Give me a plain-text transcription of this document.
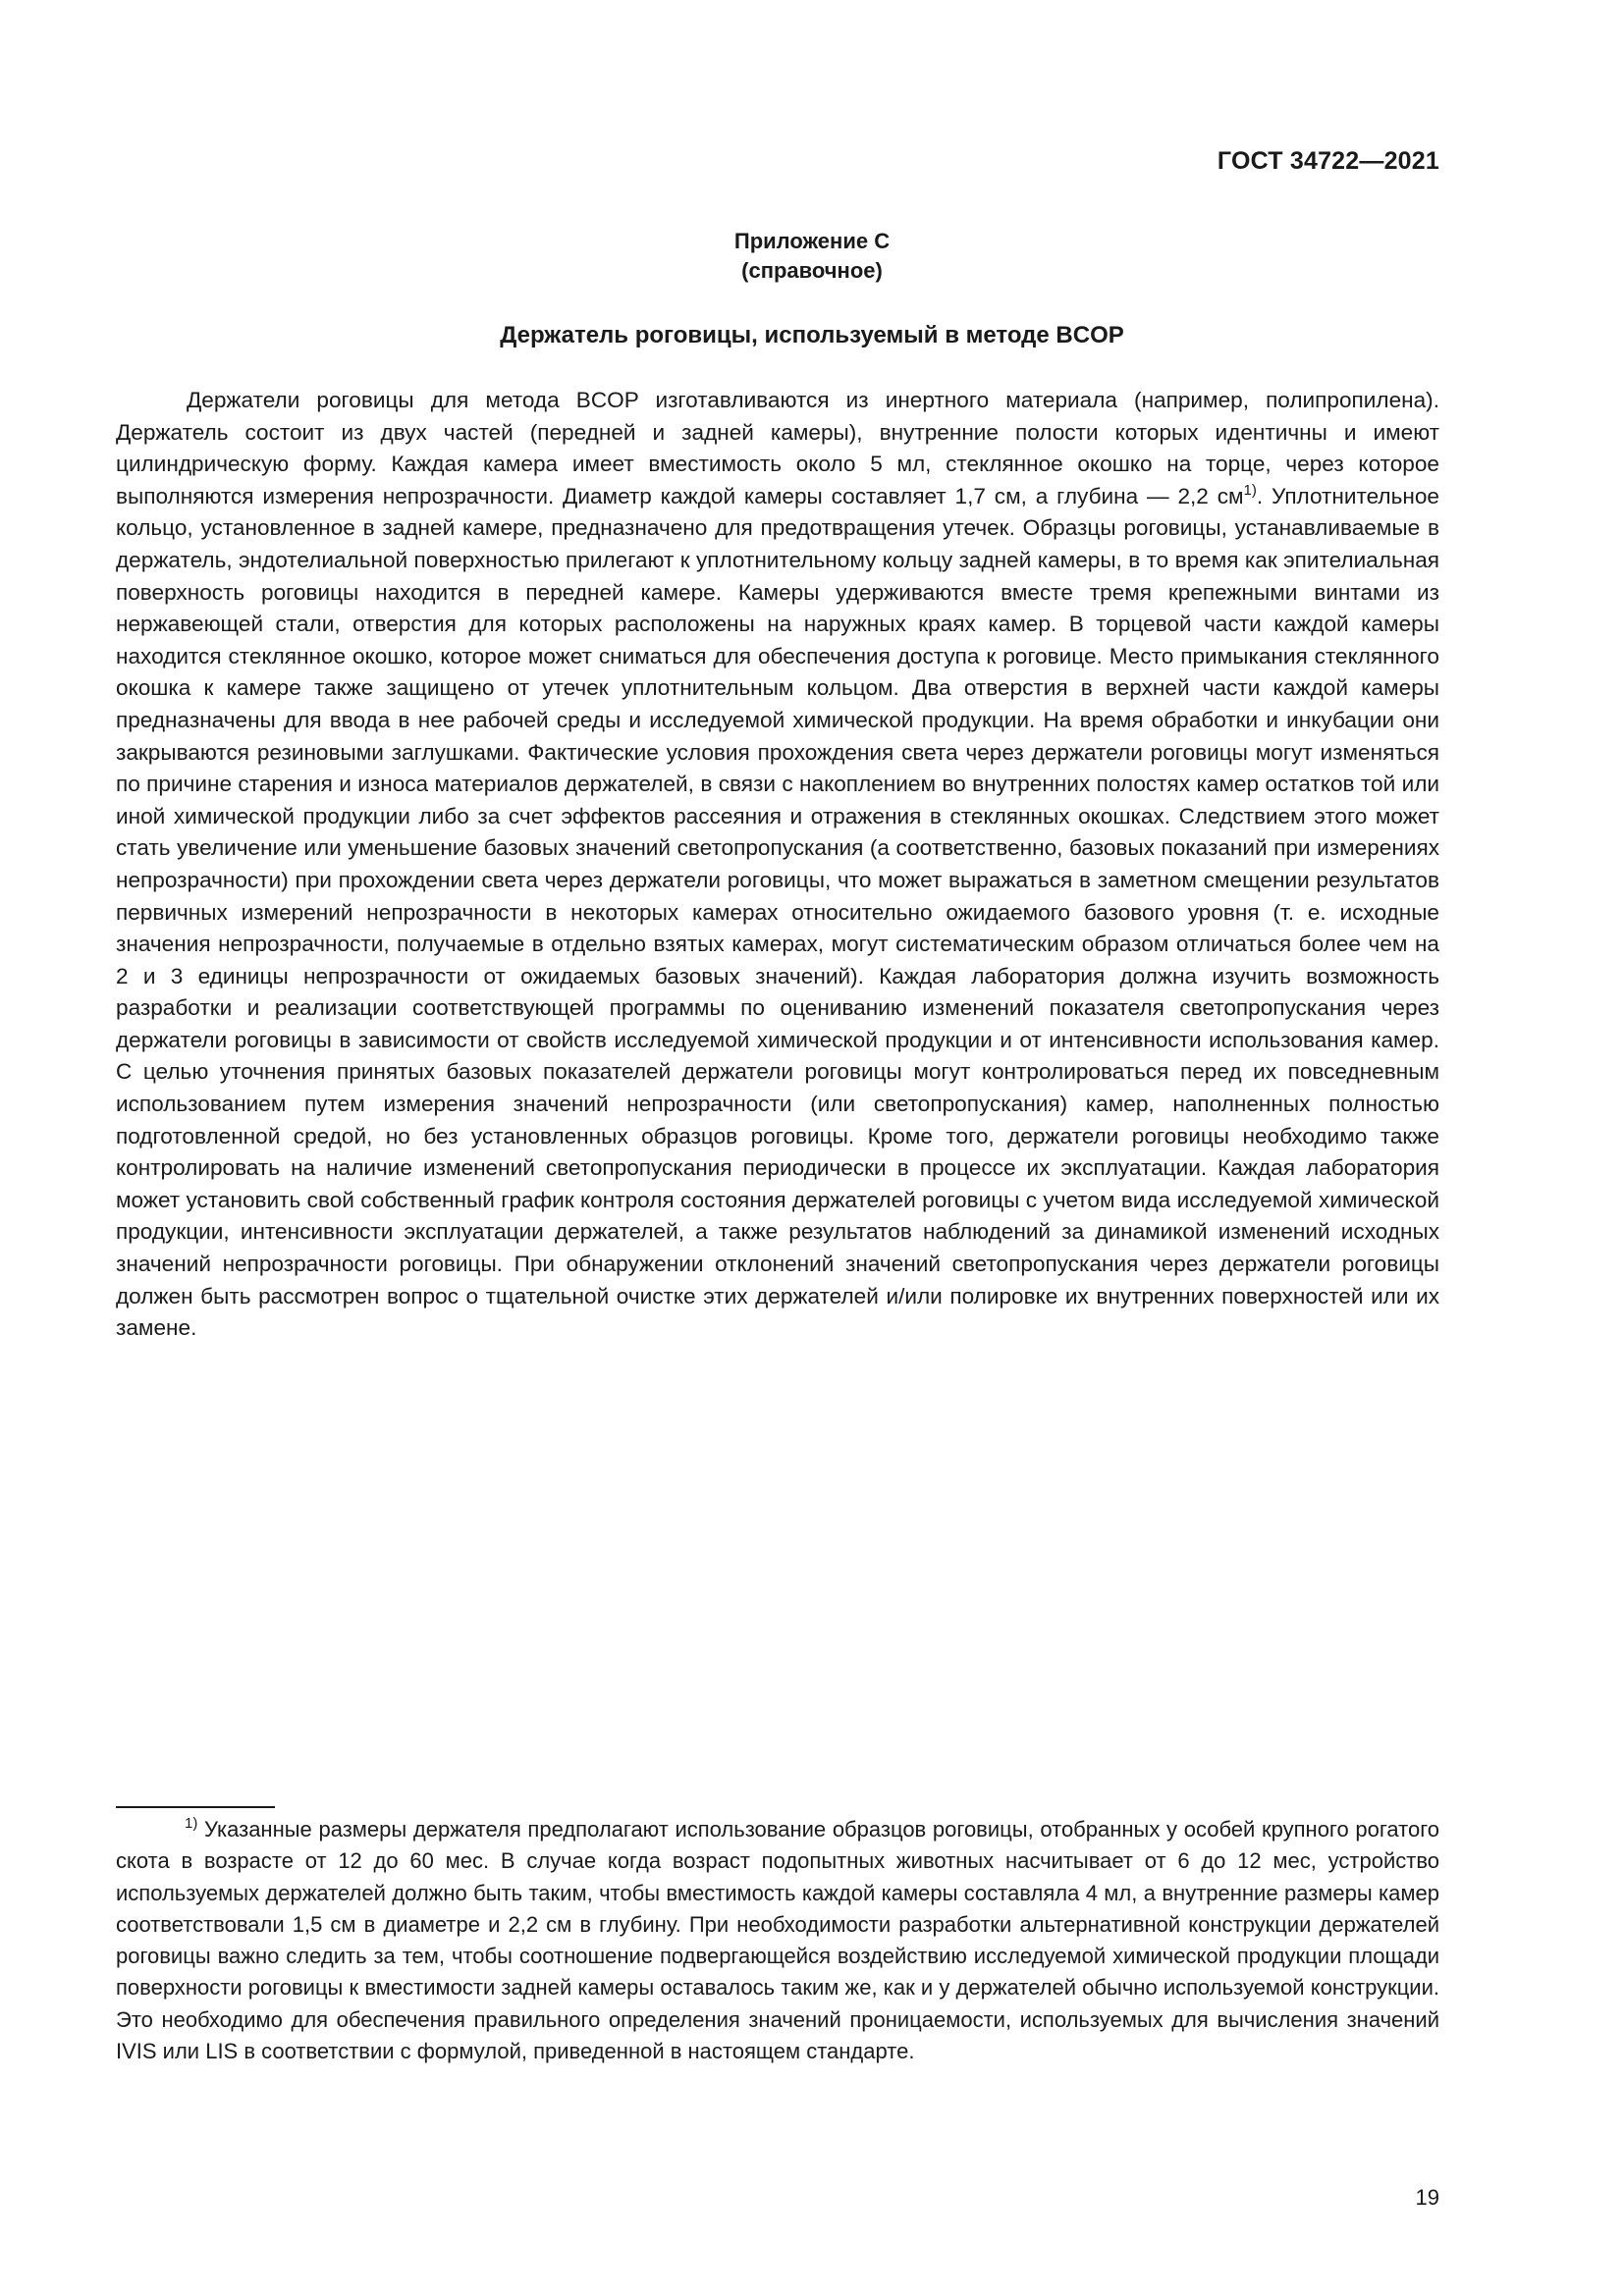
ГОСТ 34722—2021
Приложение С
(справочное)
Держатель роговицы, используемый в методе BCOP

Держатели роговицы для метода BCOP изготавливаются из инертного материала (например, полипропилена). Держатель состоит из двух частей (передней и задней камеры), внутренние полости которых идентичны и имеют цилиндрическую форму. Каждая камера имеет вместимость около 5 мл, стеклянное окошко на торце, через которое выполняются измерения непрозрачности. Диаметр каждой камеры составляет 1,7 см, а глубина — 2,2 $см^{1)}$. Уплотнительное кольцо, установленное в задней камере, предназначено для предотвращения утечек. Образцы роговицы, устанавливаемые в держатель, эндотелиальной поверхностью прилегают к уплотнительному кольцу задней камеры, в то время как эпителиальная поверхность роговицы находится в передней камере. Камеры удерживаются вместе тремя крепежными винтами из нержавеющей стали, отверстия для которых расположены на наружных краях камер. В торцевой части каждой камеры находится стеклянное окошко, которое может сниматься для обеспечения доступа к роговице. Место примыкания стеклянного окошка к камере также защищено от утечек уплотнительным кольцом. Два отверстия в верхней части каждой камеры предназначены для ввода в нее рабочей среды и исследуемой химической продукции. На время обработки и инкубации они закрываются резиновыми заглушками. Фактические условия прохождения света через держатели роговицы могут изменяться по причине старения и износа материалов держателей, в связи с накоплением во внутренних полостях камер остатков той или иной химической продукции либо за счет эффектов рассеяния и отражения в стеклянных окошках. Следствием этого может стать увеличение или уменьшение базовых значений светопропускания (а соответственно, базовых показаний при измерениях непрозрачности) при прохождении света через держатели роговицы, что может выражаться в заметном смещении результатов первичных измерений непрозрачности в некоторых камерах относительно ожидаемого базового уровня (т. е. исходные значения непрозрачности, получаемые в отдельно взятых камерах, могут систематическим образом отличаться более чем на 2 и 3 единицы непрозрачности от ожидаемых базовых значений). Каждая лаборатория должна изучить возможность разработки и реализации соответствующей программы по оцениванию изменений показателя светопропускания через держатели роговицы в зависимости от свойств исследуемой химической продукции и от интенсивности использования камер. С целью уточнения принятых базовых показателей держатели роговицы могут контролироваться перед их повседневным использованием путем измерения значений непрозрачности (или светопропускания) камер, наполненных полностью подготовленной средой, но без установленных образцов роговицы. Кроме того, держатели роговицы необходимо также контролировать на наличие изменений светопропускания периодически в процессе их эксплуатации. Каждая лаборатория может установить свой собственный график контроля состояния держателей роговицы с учетом вида исследуемой химической продукции, интенсивности эксплуатации держателей, а также результатов наблюдений за динамикой изменений исходных значений непрозрачности роговицы. При обнаружении отклонений значений светопропускания через держатели роговицы должен быть рассмотрен вопрос о тщательной очистке этих держателей и/или полировке их внутренних поверхностей или их замене.

$^{1)}$ Указанные размеры держателя предполагают использование образцов роговицы, отобранных у особей крупного рогатого скота в возрасте от 12 до 60 мес. В случае когда возраст подопытных животных насчитывает от 6 до 12 мес, устройство используемых держателей должно быть таким, чтобы вместимость каждой камеры составляла 4 мл, а внутренние размеры камер соответствовали 1,5 см в диаметре и 2,2 см в глубину. При необходимости разработки альтернативной конструкции держателей роговицы важно следить за тем, чтобы соотношение подвергающейся воздействию исследуемой химической продукции площади поверхности роговицы к вместимости задней камеры оставалось таким же, как и у держателей обычно используемой конструкции. Это необходимо для обеспечения правильного определения значений проницаемости, используемых для вычисления значений IVIS или LIS в соответствии с формулой, приведенной в настоящем стандарте.

19
